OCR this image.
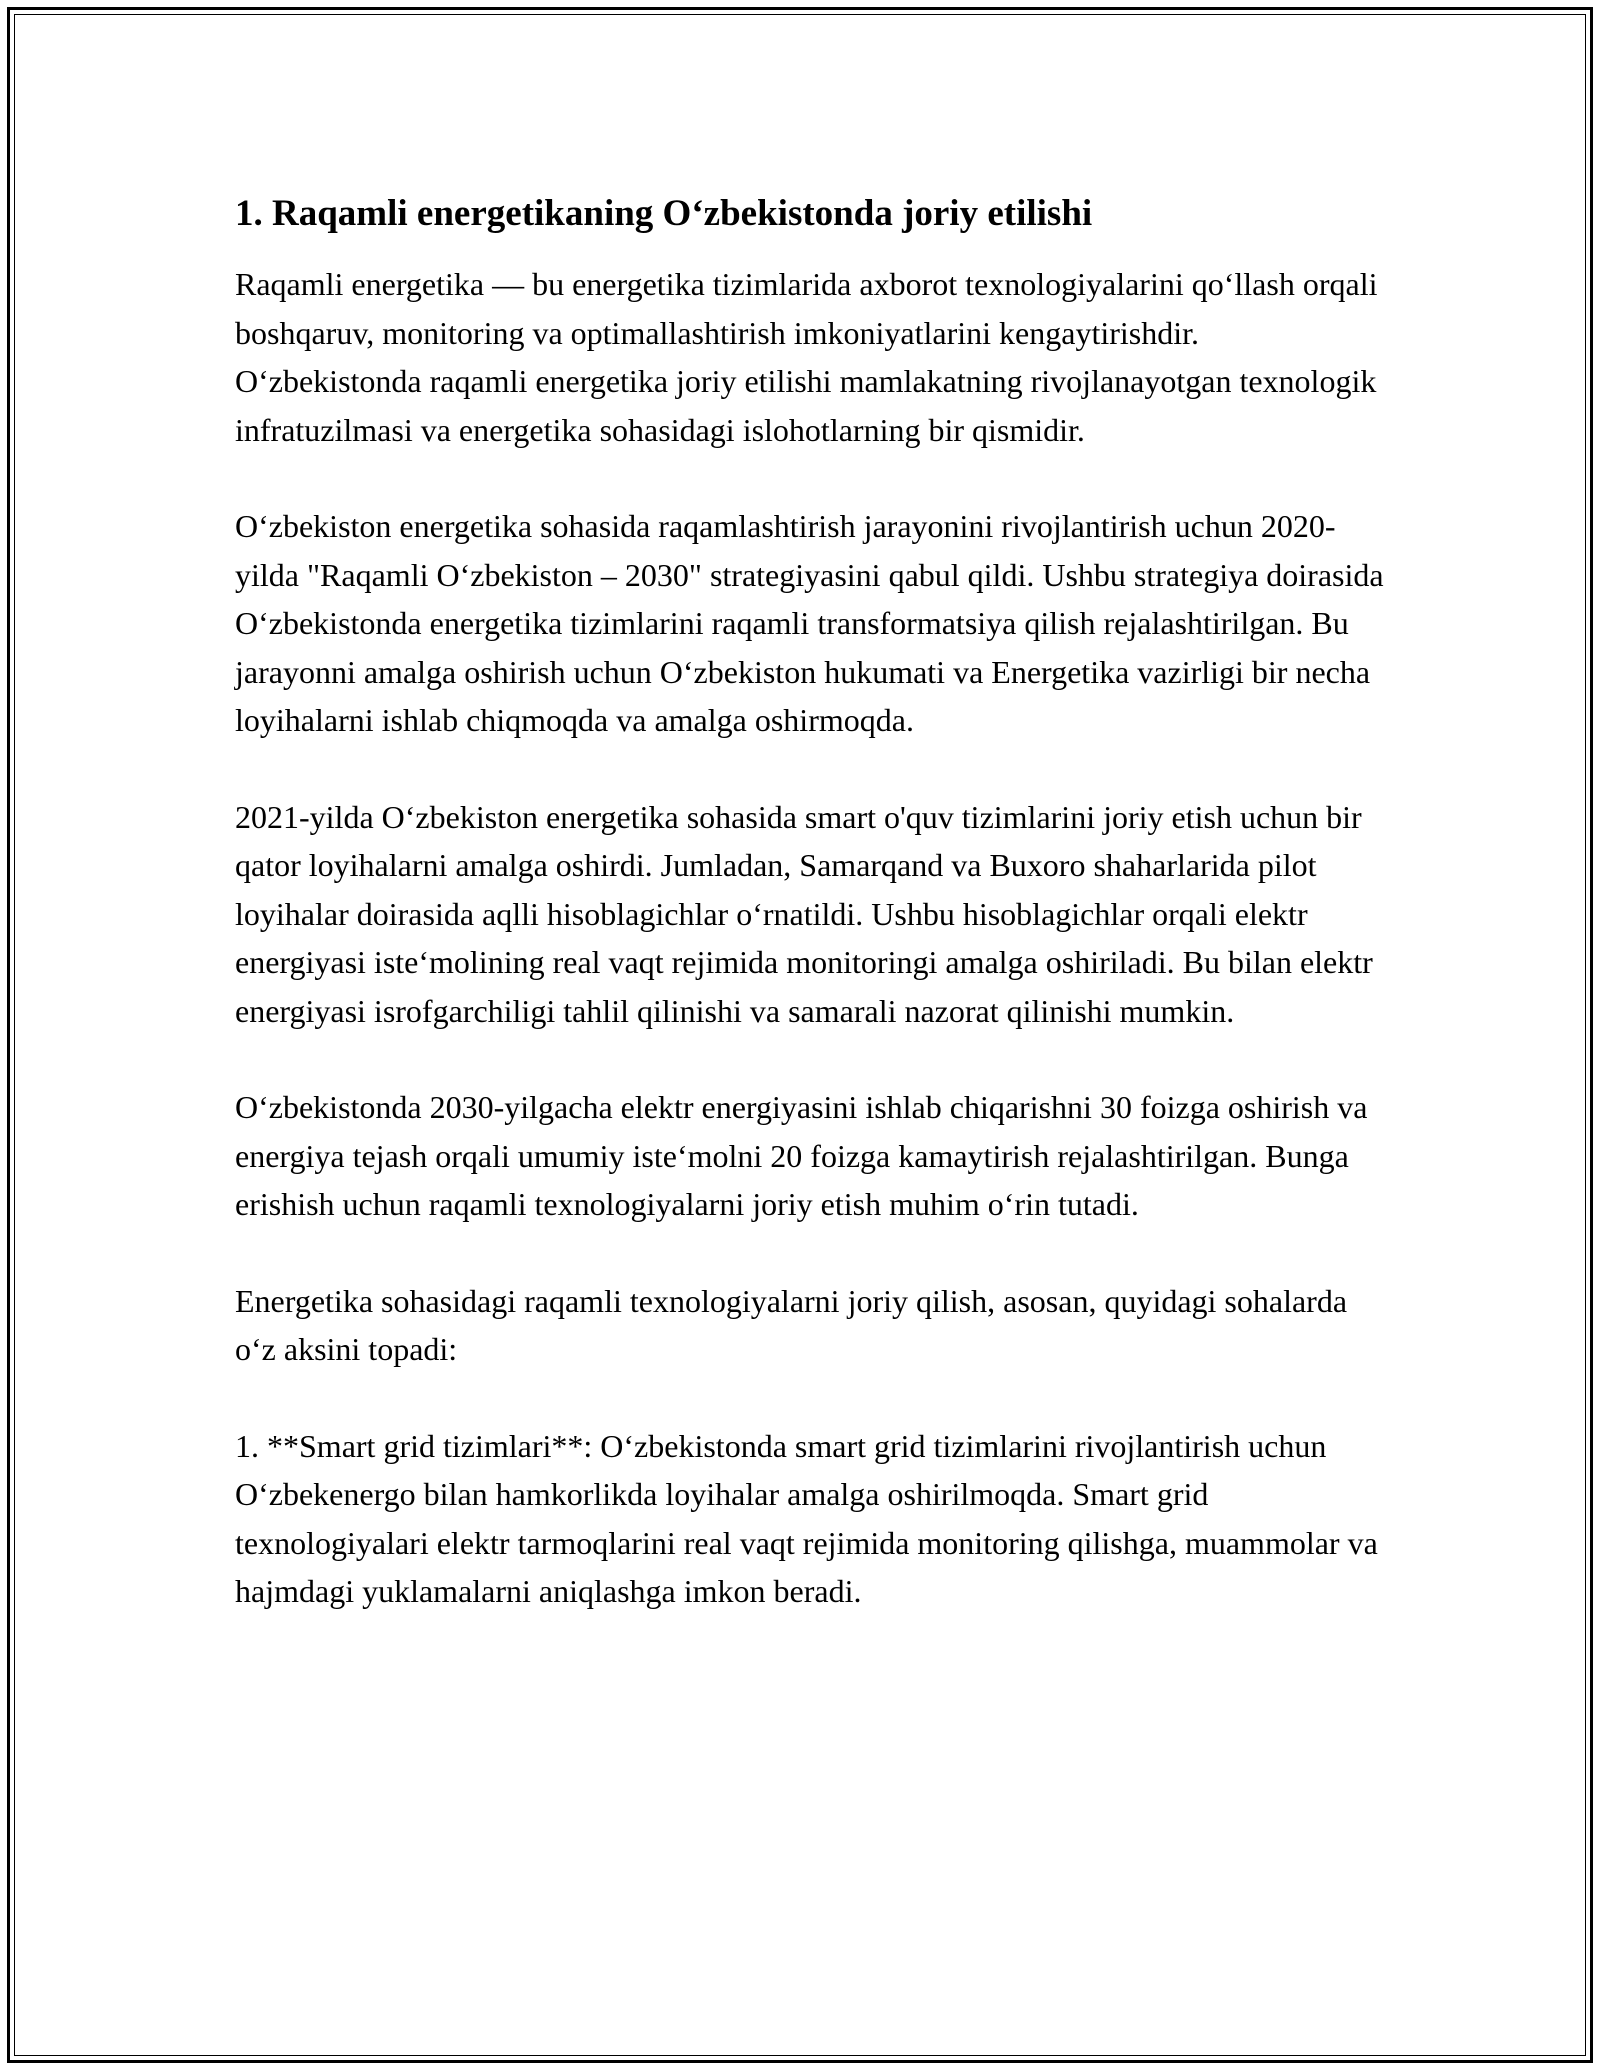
1. Raqamli energetikaning O‘zbekistonda joriy etilishi

Raqamli energetika — bu energetika tizimlarida axborot texnologiyalarini qo‘llash orqali boshqaruv, monitoring va optimallashtirish imkoniyatlarini kengaytirishdir. O‘zbekistonda raqamli energetika joriy etilishi mamlakatning rivojlanayotgan texnologik infratuzilmasi va energetika sohasidagi islohotlarning bir qismidir.

O‘zbekiston energetika sohasida raqamlashtirish jarayonini rivojlantirish uchun 2020-yilda "Raqamli O‘zbekiston – 2030" strategiyasini qabul qildi. Ushbu strategiya doirasida O‘zbekistonda energetika tizimlarini raqamli transformatsiya qilish rejalashtirilgan. Bu jarayonni amalga oshirish uchun O‘zbekiston hukumati va Energetika vazirligi bir necha loyihalarni ishlab chiqmoqda va amalga oshirmoqda.

2021-yilda O‘zbekiston energetika sohasida smart o'quv tizimlarini joriy etish uchun bir qator loyihalarni amalga oshirdi. Jumladan, Samarqand va Buxoro shaharlarida pilot loyihalar doirasida aqlli hisoblagichlar o‘rnatildi. Ushbu hisoblagichlar orqali elektr energiyasi iste‘molining real vaqt rejimida monitoringi amalga oshiriladi. Bu bilan elektr energiyasi isrofgarchiligi tahlil qilinishi va samarali nazorat qilinishi mumkin.

O‘zbekistonda 2030-yilgacha elektr energiyasini ishlab chiqarishni 30 foizga oshirish va energiya tejash orqali umumiy iste‘molni 20 foizga kamaytirish rejalashtirilgan. Bunga erishish uchun raqamli texnologiyalarni joriy etish muhim o‘rin tutadi.

Energetika sohasidagi raqamli texnologiyalarni joriy qilish, asosan, quyidagi sohalarda o‘z aksini topadi:

1. **Smart grid tizimlari**: O‘zbekistonda smart grid tizimlarini rivojlantirish uchun O‘zbekenergo bilan hamkorlikda loyihalar amalga oshirilmoqda. Smart grid texnologiyalari elektr tarmoqlarini real vaqt rejimida monitoring qilishga, muammolar va hajmdagi yuklamalarni aniqlashga imkon beradi.
